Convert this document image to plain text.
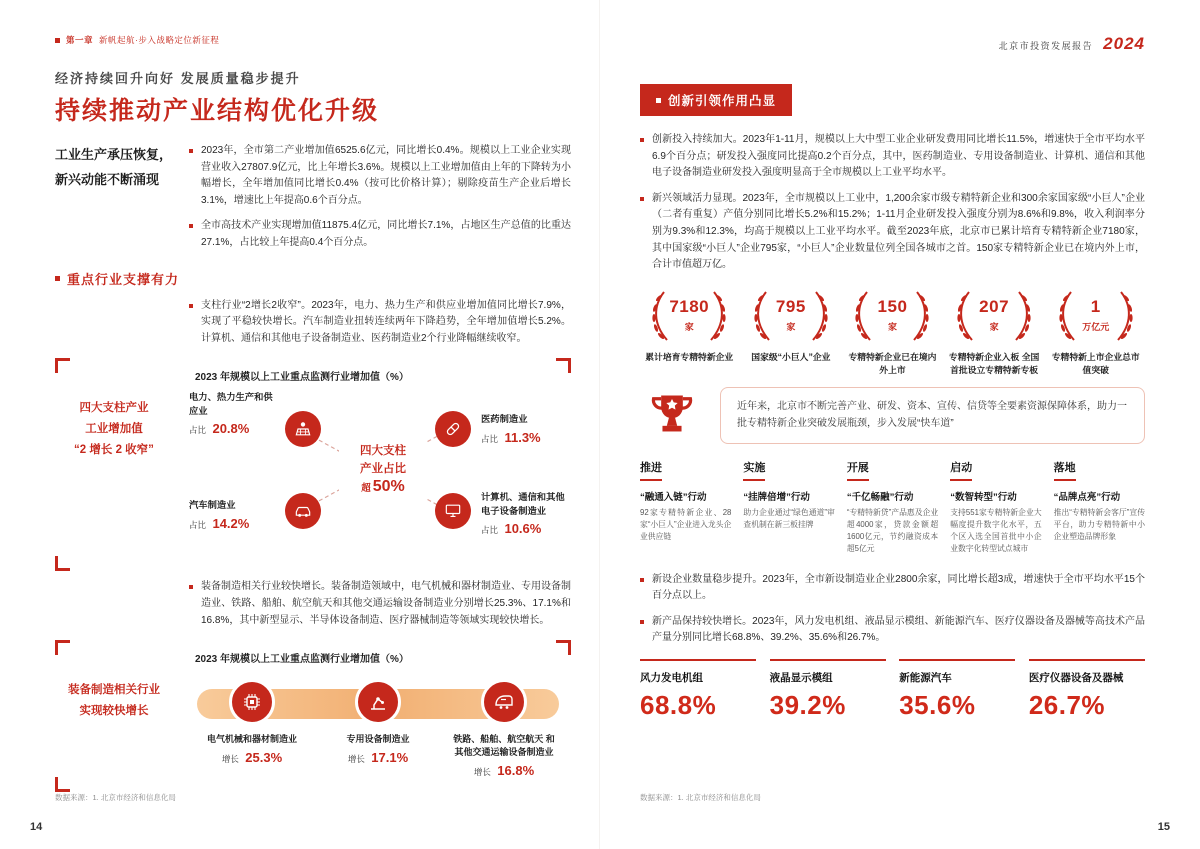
第一章 新帆起航·步入战略定位新征程
经济持续回升向好 发展质量稳步提升
持续推动产业结构优化升级
工业生产承压恢复，
新兴动能不断涌现

2023年，全市第二产业增加值6525.6亿元，同比增长0.4%。规模以上工业企业实现营业收入27807.9亿元，比上年增长3.6%。规模以上工业增加值由上年的下降转为小幅增长，全年增加值同比增长0.4%（按可比价格计算）；剔除疫苗生产企业后增长3.1%，增速比上年提高0.6个百分点。

全市高技术产业实现增加值11875.4亿元，同比增长7.1%，占地区生产总值的比重达27.1%，占比较上年提高0.4个百分点。

重点行业支撑有力

支柱行业“2增长2收窄”。2023年，电力、热力生产和供应业增加值同比增长7.9%，实现了平稳较快增长。汽车制造业扭转连续两年下降趋势，全年增加值增长5.2%。计算机、通信和其他电子设备制造业、医药制造业2个行业降幅继续收窄。

四大支柱产业
工业增加值
“2 增长 2 收窄”
2023 年规模以上工业重点监测行业增加值（%）
电力、热力生产和供应业
占比 20.8%
汽车制造业
占比 14.2%
医药制造业
占比 11.3%
计算机、通信和其他电子设备制造业
占比 10.6%
四大支柱
产业占比
超 50%

装备制造相关行业较快增长。装备制造领域中，电气机械和器材制造业、专用设备制造业、铁路、船舶、航空航天和其他交通运输设备制造业分别增长25.3%、17.1%和16.8%，其中新型显示、半导体设备制造、医疗器械制造等领域实现较快增长。

装备制造相关行业
实现较快增长
2023 年规模以上工业重点监测行业增加值（%）
电气机械和器材制造业
增长 25.3%
专用设备制造业
增长 17.1%
铁路、船舶、航空航天 和 其他交通运输设备制造业
增长 16.8%
数据来源：1. 北京市经济和信息化局
14
北京市投资发展报告 2024
创新引领作用凸显

创新投入持续加大。2023年1-11月，规模以上大中型工业企业研发费用同比增长11.5%，增速快于全市平均水平6.9个百分点；研发投入强度同比提高0.2个百分点，其中，医药制造业、专用设备制造业、计算机、通信和其他电子设备制造业研发投入强度明显高于全市规模以上工业平均水平。

新兴领域活力显现。2023年，全市规模以上工业中，1,200余家市级专精特新企业和300余家国家级“小巨人”企业（二者有重复）产值分别同比增长5.2%和15.2%；1-11月企业研发投入强度分别为8.6%和9.8%，收入利润率分别为9.3%和12.3%，均高于规模以上工业平均水平。截至2023年底，北京市已累计培育专精特新企业7180家，其中国家级“小巨人”企业795家，“小巨人”企业数量位列全国各城市之首。150家专精特新企业已在境内外上市，合计市值超万亿。

7180
家
累计培育专精特新企业
795
家
国家级“小巨人”企业
150
家
专精特新企业已在境内外上市
207
家
专精特新企业入板 全国首批设立专精特新专板
1
万亿元
专精特新上市企业总市值突破
近年来，北京市不断完善产业、研发、资本、宣传、信贷等全要素资源保障体系，助力一批专精特新企业突破发展瓶颈，步入发展“快车道”
推进
“融通入链”行动
92家专精特新企业、28家“小巨人”企业进入龙头企业供应链
实施
“挂牌倍增”行动
助力企业通过“绿色通道”审查机制在新三板挂牌
开展
“千亿畅融”行动
“专精特新贷”产品惠及企业超4000家，贷款金额超1600亿元，节约融资成本超5亿元
启动
“数智转型”行动
支持551家专精特新企业大幅度提升数字化水平，五个区入选全国首批中小企业数字化转型试点城市
落地
“品牌点亮”行动
推出“专精特新会客厅”宣传平台，助力专精特新中小企业塑造品牌形象

新设企业数量稳步提升。2023年，全市新设制造业企业2800余家，同比增长超3成，增速快于全市平均水平15个百分点以上。

新产品保持较快增长。2023年，风力发电机组、液晶显示模组、新能源汽车、医疗仪器设备及器械等高技术产品产量分别同比增长68.8%、39.2%、35.6%和26.7%。

风力发电机组
68.8%
液晶显示模组
39.2%
新能源汽车
35.6%
医疗仪器设备及器械
26.7%
数据来源：1. 北京市经济和信息化局
15
